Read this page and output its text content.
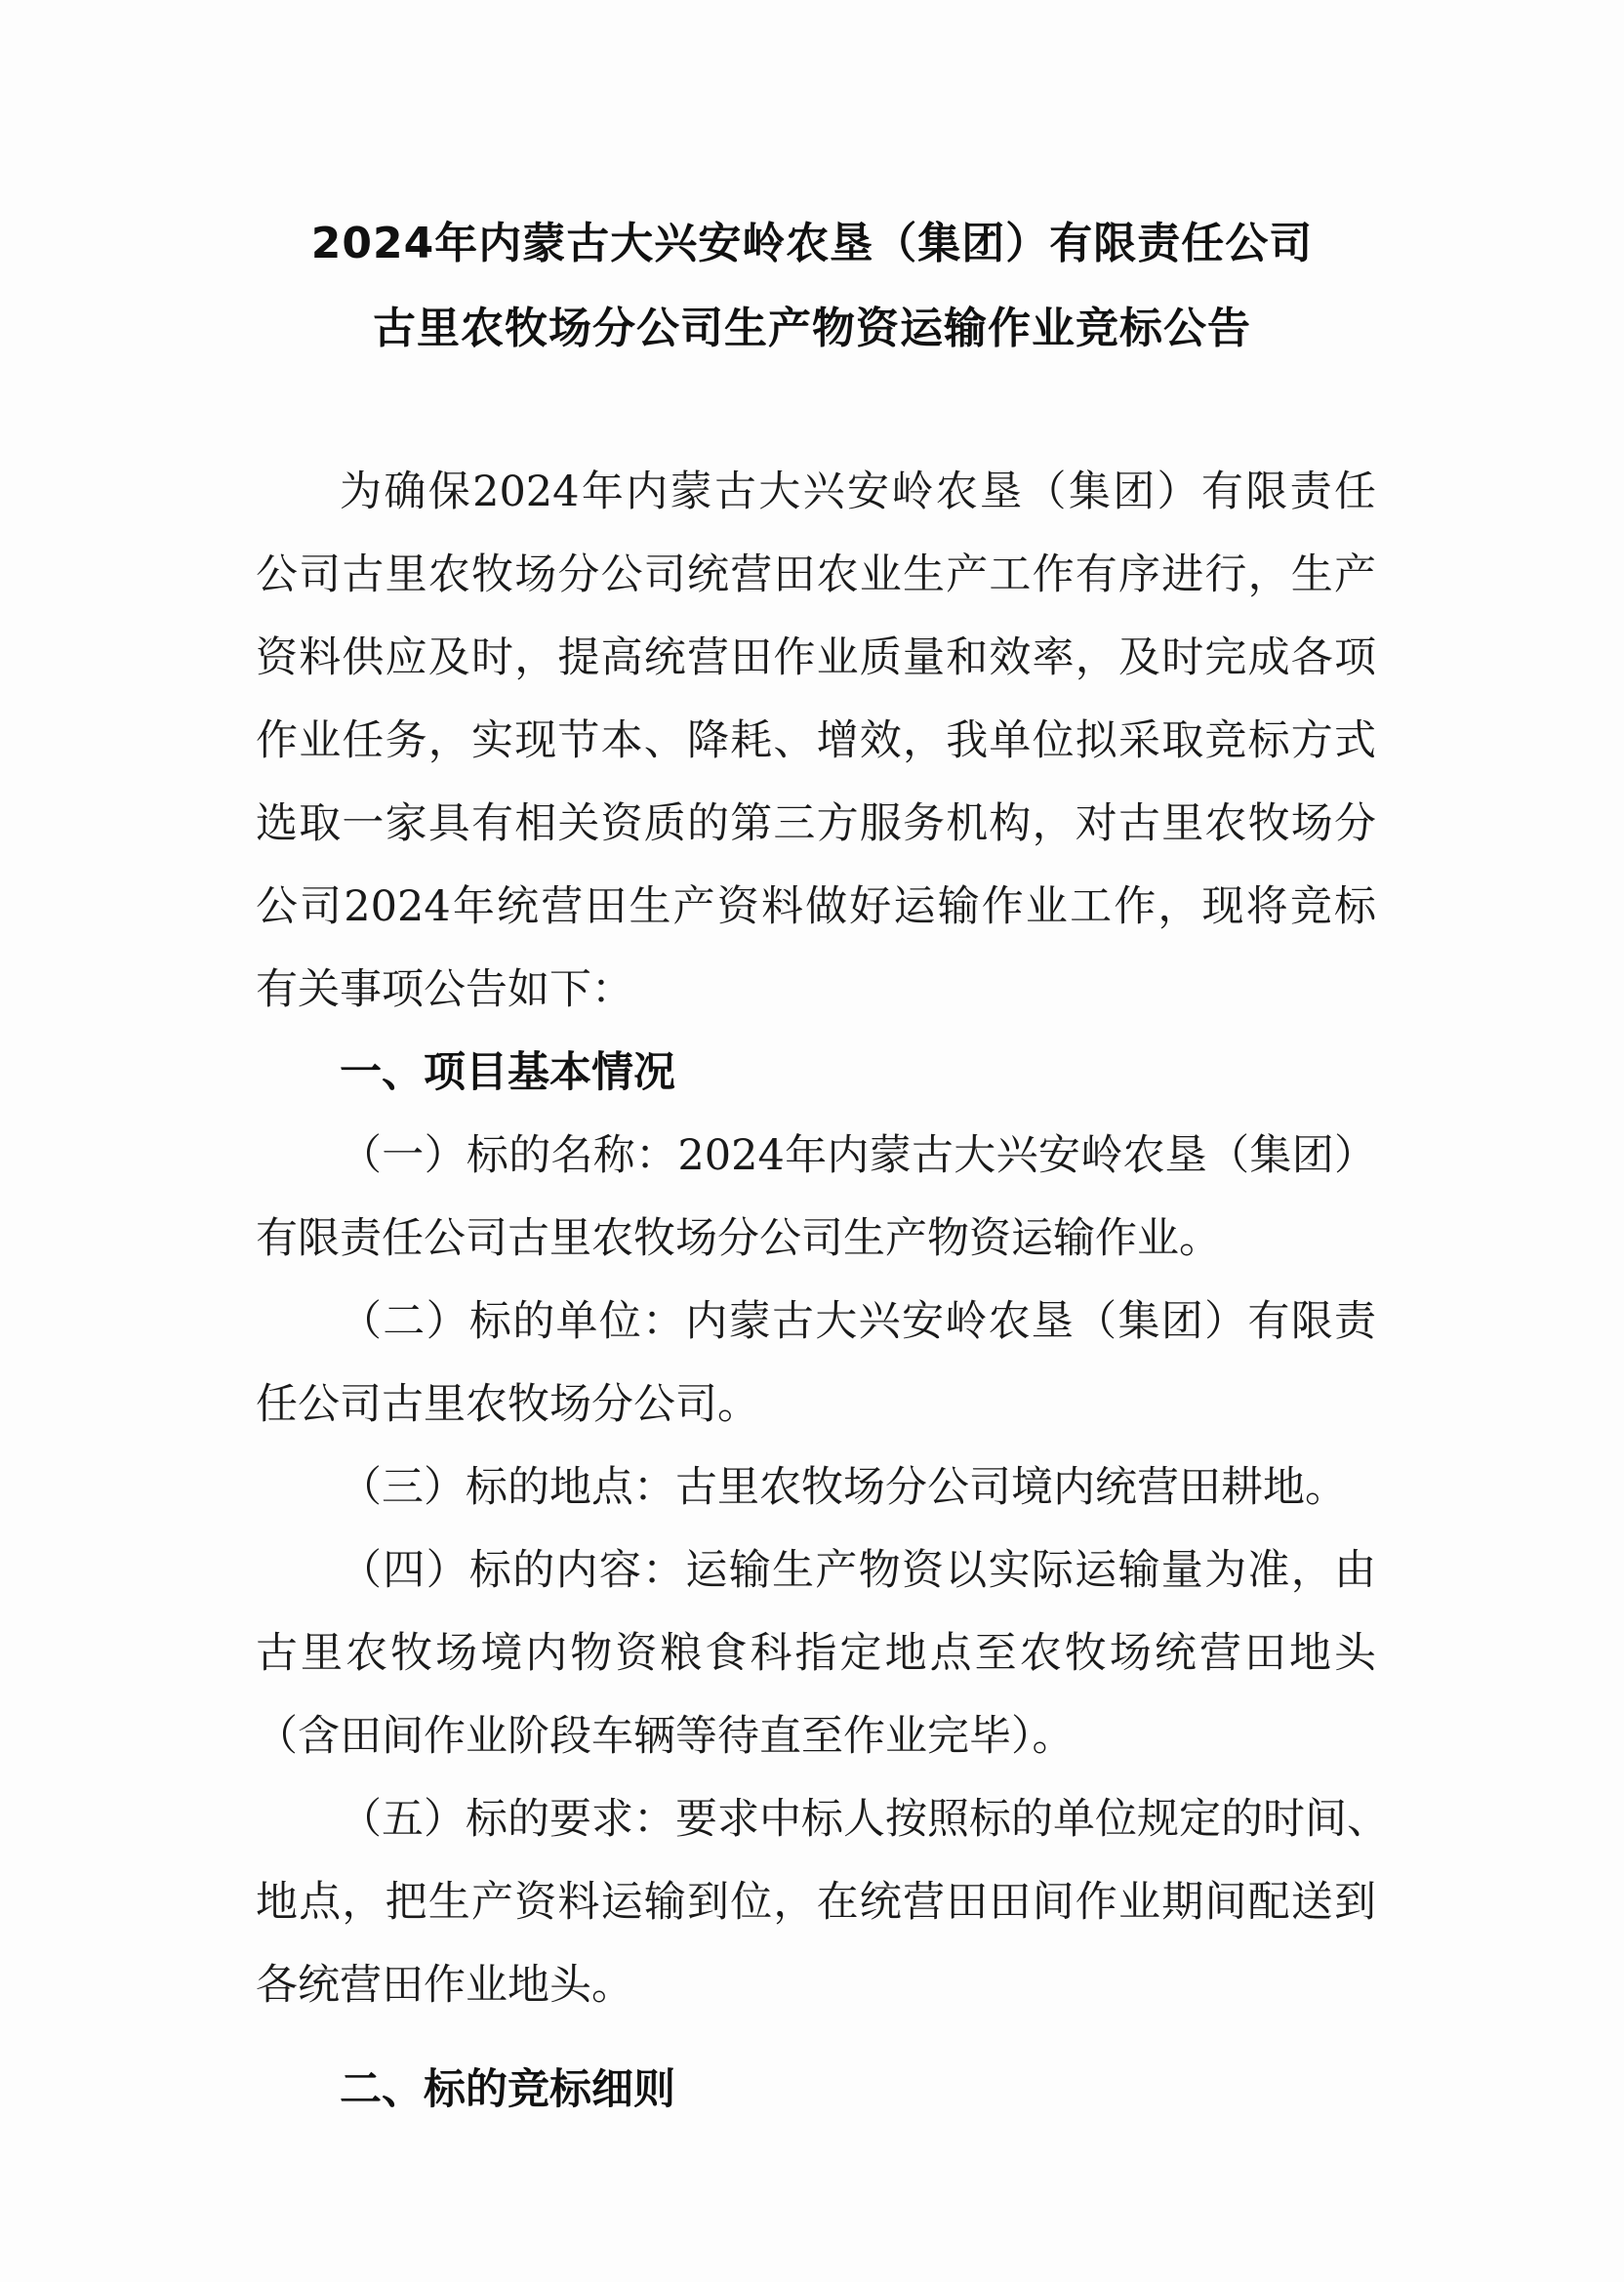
2024年内蒙古大兴安岭农垦（集团）有限责任公司
古里农牧场分公司生产物资运输作业竞标公告
为确保2024年内蒙古大兴安岭农垦（集团）有限责任
公司古里农牧场分公司统营田农业生产工作有序进行，生产
资料供应及时，提高统营田作业质量和效率，及时完成各项
作业任务，实现节本、降耗、增效，我单位拟采取竞标方式
选取一家具有相关资质的第三方服务机构，对古里农牧场分
公司2024年统营田生产资料做好运输作业工作，现将竞标
有关事项公告如下：
一、项目基本情况
（一）标的名称：2024年内蒙古大兴安岭农垦（集团）
有限责任公司古里农牧场分公司生产物资运输作业。
（二）标的单位：内蒙古大兴安岭农垦（集团）有限责
任公司古里农牧场分公司。
（三）标的地点：古里农牧场分公司境内统营田耕地。
（四）标的内容：运输生产物资以实际运输量为准，由
古里农牧场境内物资粮食科指定地点至农牧场统营田地头
（含田间作业阶段车辆等待直至作业完毕）。
（五）标的要求：要求中标人按照标的单位规定的时间、
地点，把生产资料运输到位，在统营田田间作业期间配送到
各统营田作业地头。
二、标的竞标细则
